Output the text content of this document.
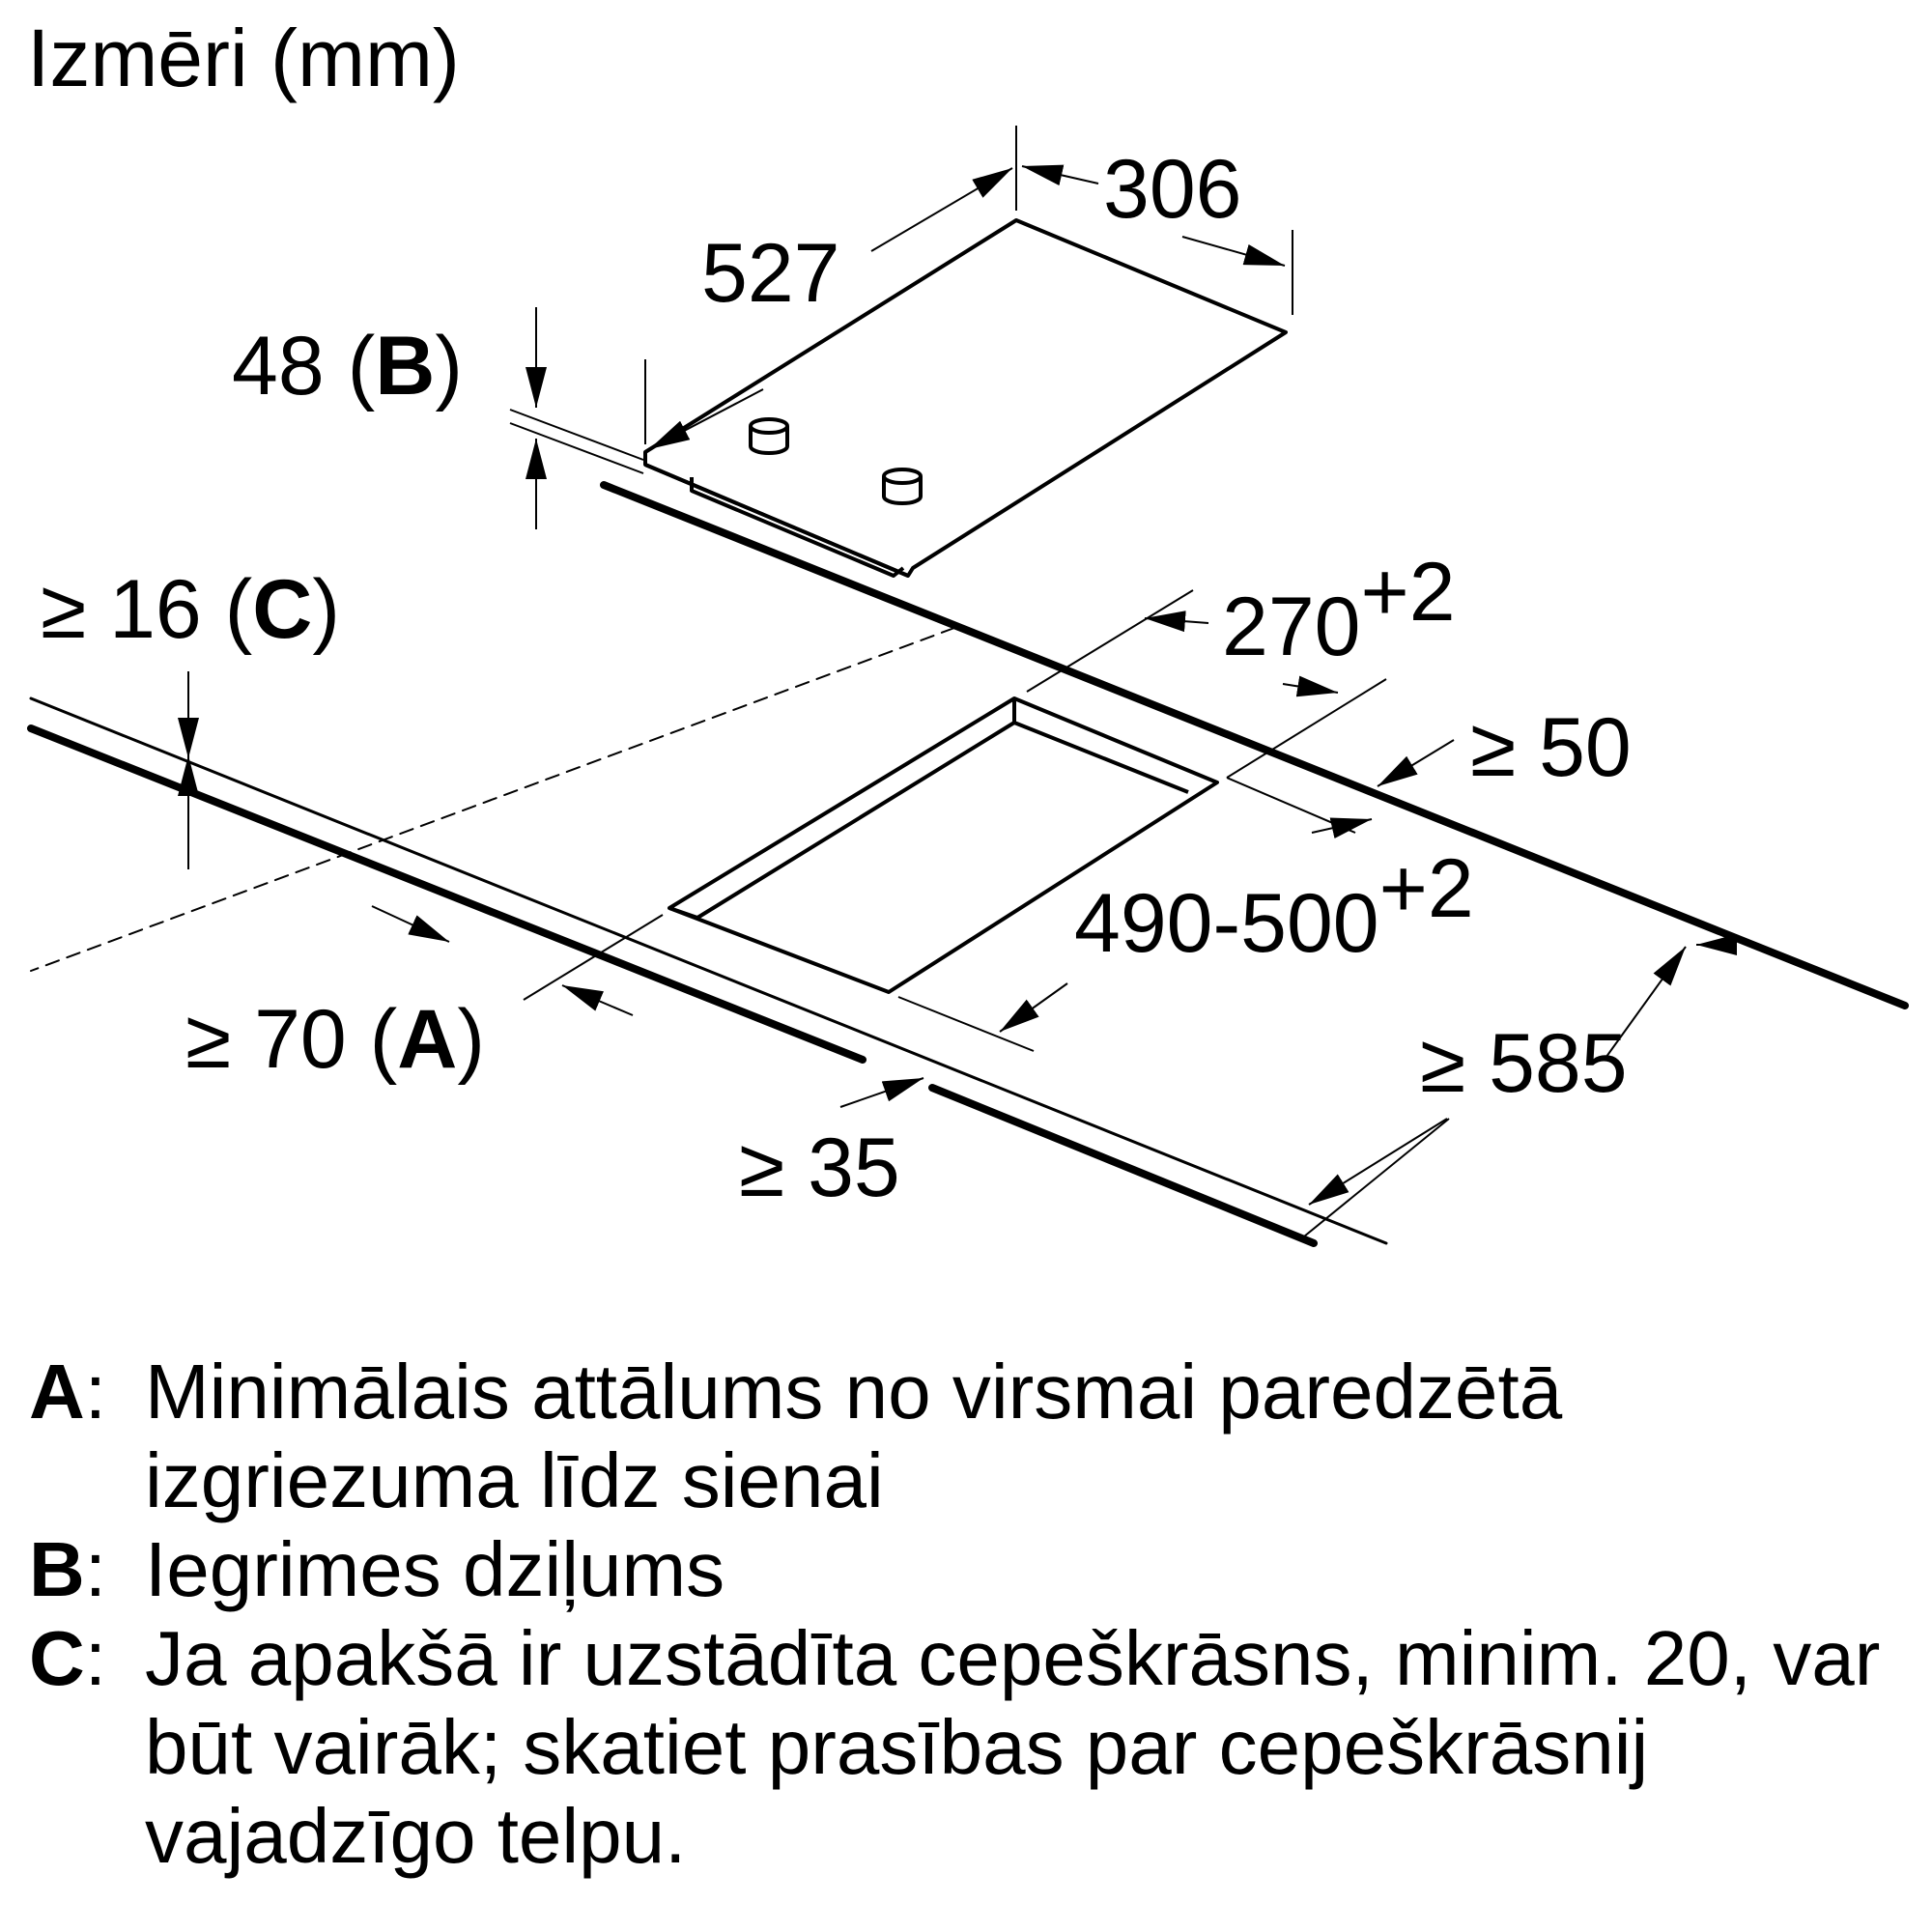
Izmēri (mm)
306
527
48 (B)
≥ 16 (C)	270+2
≥ 50
490-500+2
≥ 70 (A)	≥ 585
≥ 35
A: Minimālais attālums no virsmai paredzētā izgriezuma līdz sienai
B: Iegrimes dziļums
C: Ja apakšā ir uzstādīta cepeškrāsns, minim. 20, var būt vairāk; skatiet prasības par cepeškrāsnij vajadzīgo telpu.
